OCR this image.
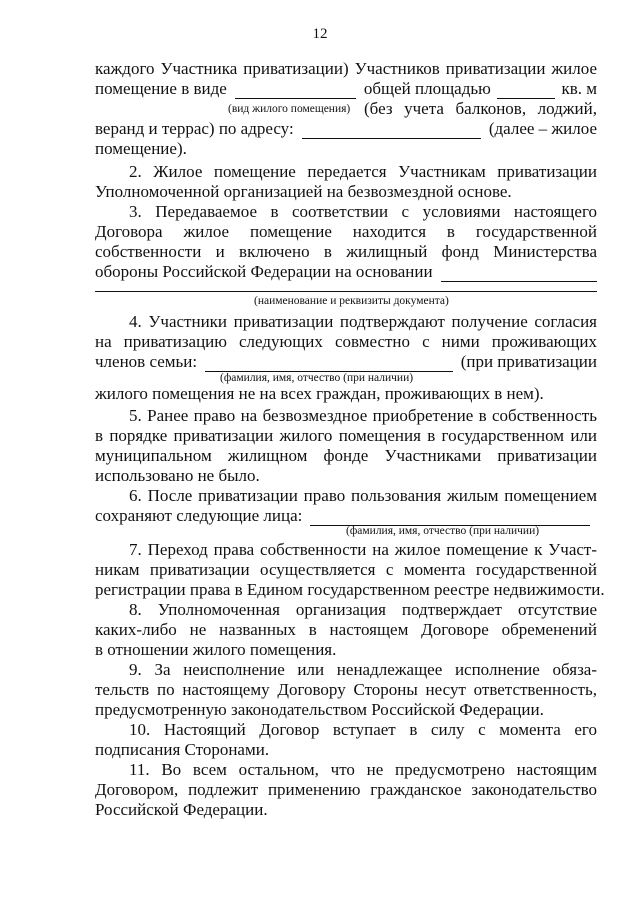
12
каждого Участника приватизации) Участников приватизации жилое
помещение в виде	общей площадью	кв. м
(вид жилого помещения) (без учета балконов, лоджий,
веранд и террас) по адресу:	(далее – жилое
помещение).
2. Жилое помещение передается Участникам приватизации
Уполномоченной организацией на безвозмездной основе.
3. Передаваемое в соответствии с условиями настоящего
Договора жилое помещение находится в государственной
собственности и включено в жилищный фонд Министерства
обороны Российской Федерации на основании
(наименование и реквизиты документа)
4. Участники приватизации подтверждают получение согласия
на приватизацию следующих совместно с ними проживающих
членов семьи:	(при приватизации
(фамилия, имя, отчество (при наличии)
жилого помещения не на всех граждан, проживающих в нем).
5. Ранее право на безвозмездное приобретение в собственность
в порядке приватизации жилого помещения в государственном или
муниципальном жилищном фонде Участниками приватизации
использовано не было.
6. После приватизации право пользования жилым помещением
сохраняют следующие лица:
(фамилия, имя, отчество (при наличии)
7. Переход права собственности на жилое помещение к Участ-
никам приватизации осуществляется с момента государственной
регистрации права в Едином государственном реестре недвижимости.
8. Уполномоченная организация подтверждает отсутствие
каких-либо не названных в настоящем Договоре обременений
в отношении жилого помещения.
9. За неисполнение или ненадлежащее исполнение обяза-
тельств по настоящему Договору Стороны несут ответственность,
предусмотренную законодательством Российской Федерации.
10. Настоящий Договор вступает в силу с момента его
подписания Сторонами.
11. Во всем остальном, что не предусмотрено настоящим
Договором, подлежит применению гражданское законодательство
Российской Федерации.
